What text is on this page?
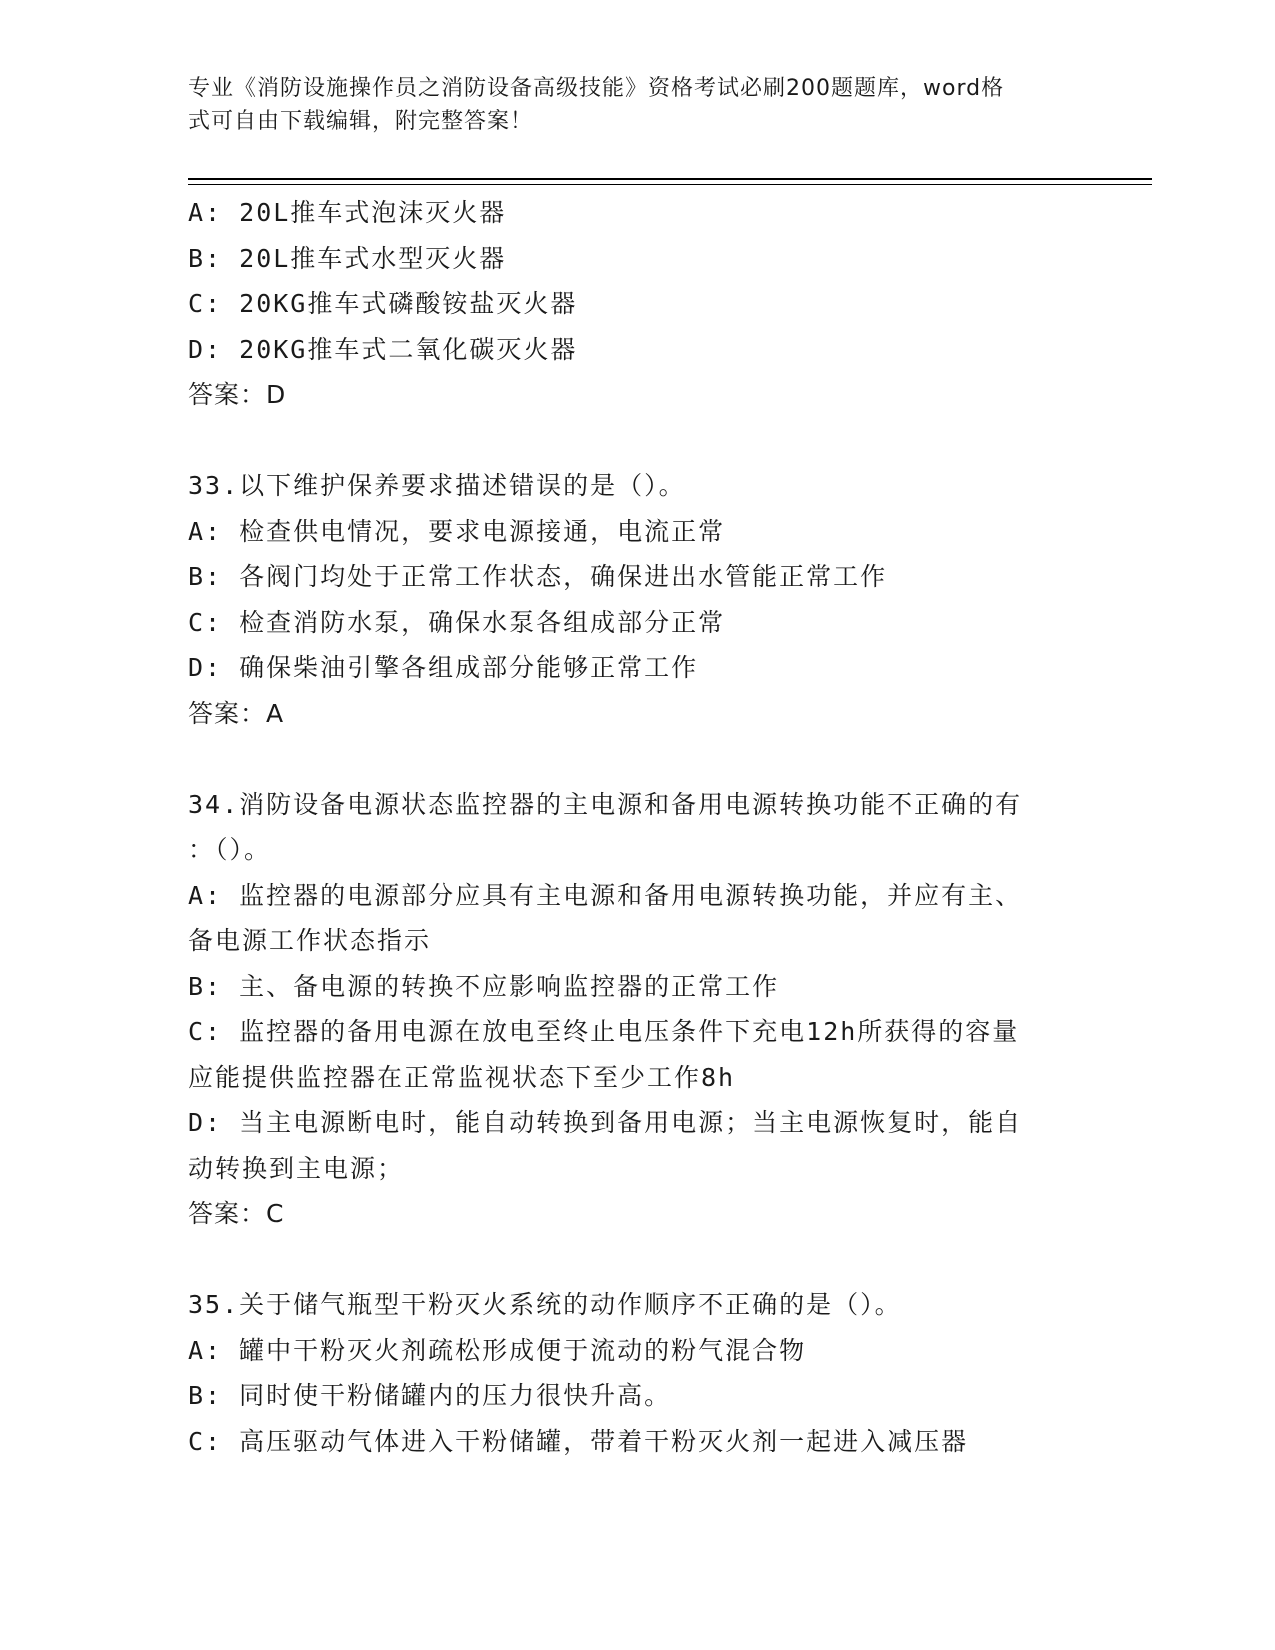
专业《消防设施操作员之消防设备高级技能》资格考试必刷200题题库，word格
式可自由下载编辑，附完整答案！
A: 20L推车式泡沫灭火器
B: 20L推车式水型灭火器
C: 20KG推车式磷酸铵盐灭火器
D: 20KG推车式二氧化碳灭火器
答案：D
33.以下维护保养要求描述错误的是（）。
A: 检查供电情况，要求电源接通，电流正常
B: 各阀门均处于正常工作状态，确保进出水管能正常工作
C: 检查消防水泵，确保水泵各组成部分正常
D: 确保柴油引擎各组成部分能够正常工作
答案：A
34.消防设备电源状态监控器的主电源和备用电源转换功能不正确的有
：（）。
A: 监控器的电源部分应具有主电源和备用电源转换功能，并应有主、
备电源工作状态指示
B: 主、备电源的转换不应影响监控器的正常工作
C: 监控器的备用电源在放电至终止电压条件下充电12h所获得的容量
应能提供监控器在正常监视状态下至少工作8h
D: 当主电源断电时，能自动转换到备用电源；当主电源恢复时，能自
动转换到主电源；
答案：C
35.关于储气瓶型干粉灭火系统的动作顺序不正确的是（）。
A: 罐中干粉灭火剂疏松形成便于流动的粉气混合物
B: 同时使干粉储罐内的压力很快升高。
C: 高压驱动气体进入干粉储罐，带着干粉灭火剂一起进入减压器
